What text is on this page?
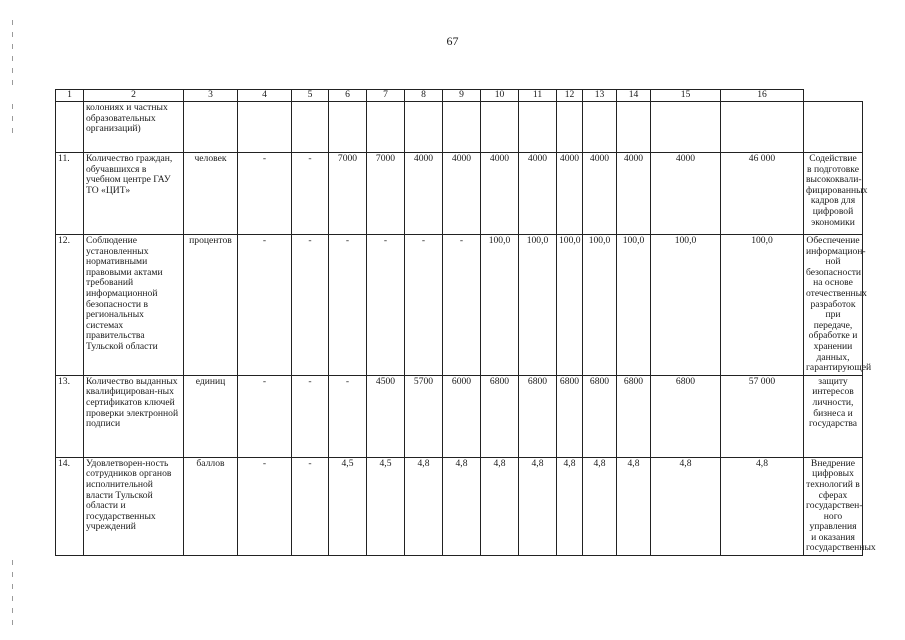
67
1	2	3	4	5	6	7	8	9	10	11	12	13	14	15	16	
	колониях и частных образовательных организаций)															
11.	Количество граждан, обучавшихся в учебном центре ГАУ ТО «ЦИТ»	человек	-	-	7000	7000	4000	4000	4000	4000	4000	4000	4000	4000	46 000	Содействие в подготовке высококвали-фицированных кадров для цифровой экономики
12.	Соблюдение установленных нормативными правовыми актами требований информационной безопасности в региональных системах правительства Тульской области	процентов	-	-	-	-	-	-	100,0	100,0	100,0	100,0	100,0	100,0	100,0	Обеспечение информацион-ной безопасности на основе отечественных разработок при передаче, обработке и хранении данных, гарантирующей
13.	Количество выданных квалифицирован-ных сертификатов ключей проверки электронной подписи	единиц	-	-	-	4500	5700	6000	6800	6800	6800	6800	6800	6800	57 000	защиту интересов личности, бизнеса и государства
14.	Удовлетворен-ность сотрудников органов исполнительной власти Тульской области и государственных учреждений	баллов	-	-	4,5	4,5	4,8	4,8	4,8	4,8	4,8	4,8	4,8	4,8	4,8	Внедрение цифровых технологий в сферах государствен-ного управления и оказания государственных
